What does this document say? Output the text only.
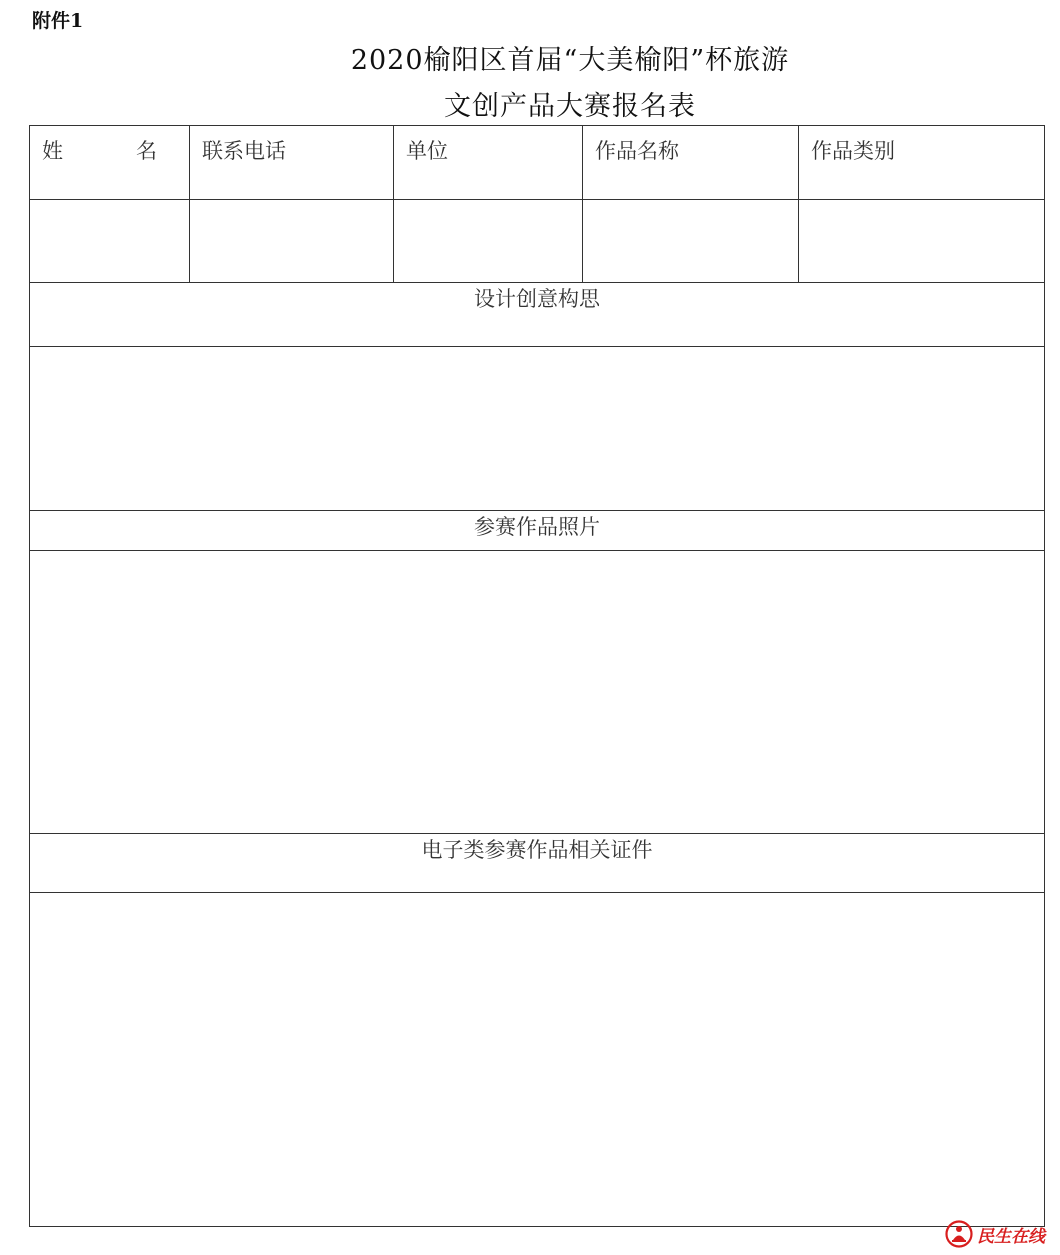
附件1
2020榆阳区首届“大美榆阳”杯旅游
文创产品大赛报名表
姓 名	联系电话	单位	作品名称	作品类别

设计创意构思				

参赛作品照片				

电子类参赛作品相关证件				

民生在线
